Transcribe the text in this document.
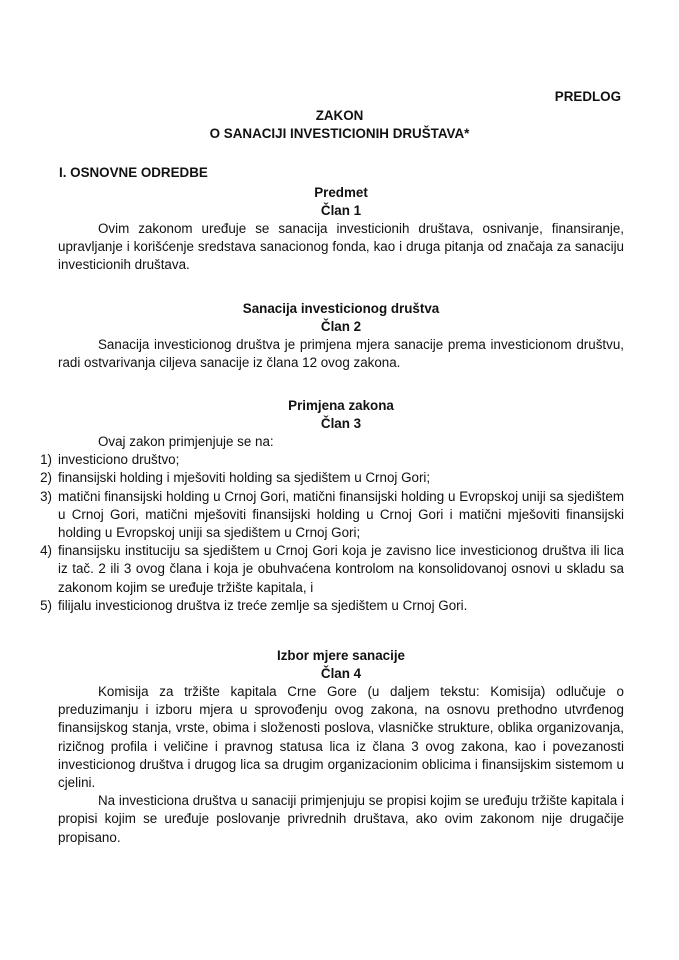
PREDLOG
ZAKON
O SANACIJI INVESTICIONIH DRUŠTAVA*
I. OSNOVNE ODREDBE
Predmet
Član 1
Ovim zakonom uređuje se sanacija investicionih društava, osnivanje, finansiranje, upravljanje i korišćenje sredstava sanacionog fonda, kao i druga pitanja od značaja za sanaciju investicionih društava.
Sanacija investicionog društva
Član 2
Sanacija investicionog društva je primjena mjera sanacije prema investicionom društvu, radi ostvarivanja ciljeva sanacije iz člana 12 ovog zakona.
Primjena zakona
Član 3
Ovaj zakon primjenjuje se na:
1) investiciono društvo;
2) finansijski holding i mješoviti holding sa sjedištem u Crnoj Gori;
3) matični finansijski holding u Crnoj Gori, matični finansijski holding u Evropskoj uniji sa sjedištem u Crnoj Gori, matični mješoviti finansijski holding u Crnoj Gori i matični mješoviti finansijski holding u Evropskoj uniji sa sjedištem u Crnoj Gori;
4) finansijsku instituciju sa sjedištem u Crnoj Gori koja je zavisno lice investicionog društva ili lica iz tač. 2 ili 3 ovog člana i koja je obuhvaćena kontrolom na konsolidovanoj osnovi u skladu sa zakonom kojim se uređuje tržište kapitala, i
5) filijalu investicionog društva iz treće zemlje sa sjedištem u Crnoj Gori.
Izbor mjere sanacije
Član 4
Komisija za tržište kapitala Crne Gore (u daljem tekstu: Komisija) odlučuje o preduzimanju i izboru mjera u sprovođenju ovog zakona, na osnovu prethodno utvrđenog finansijskog stanja, vrste, obima i složenosti poslova, vlasničke strukture, oblika organizovanja, rizičnog profila i veličine i pravnog statusa lica iz člana 3 ovog zakona, kao i povezanosti investicionog društva i drugog lica sa drugim organizacionim oblicima i finansijskim sistemom u cjelini.
Na investiciona društva u sanaciji primjenjuju se propisi kojim se uređuju tržište kapitala i propisi kojim se uređuje poslovanje privrednih društava, ako ovim zakonom nije drugačije propisano.
